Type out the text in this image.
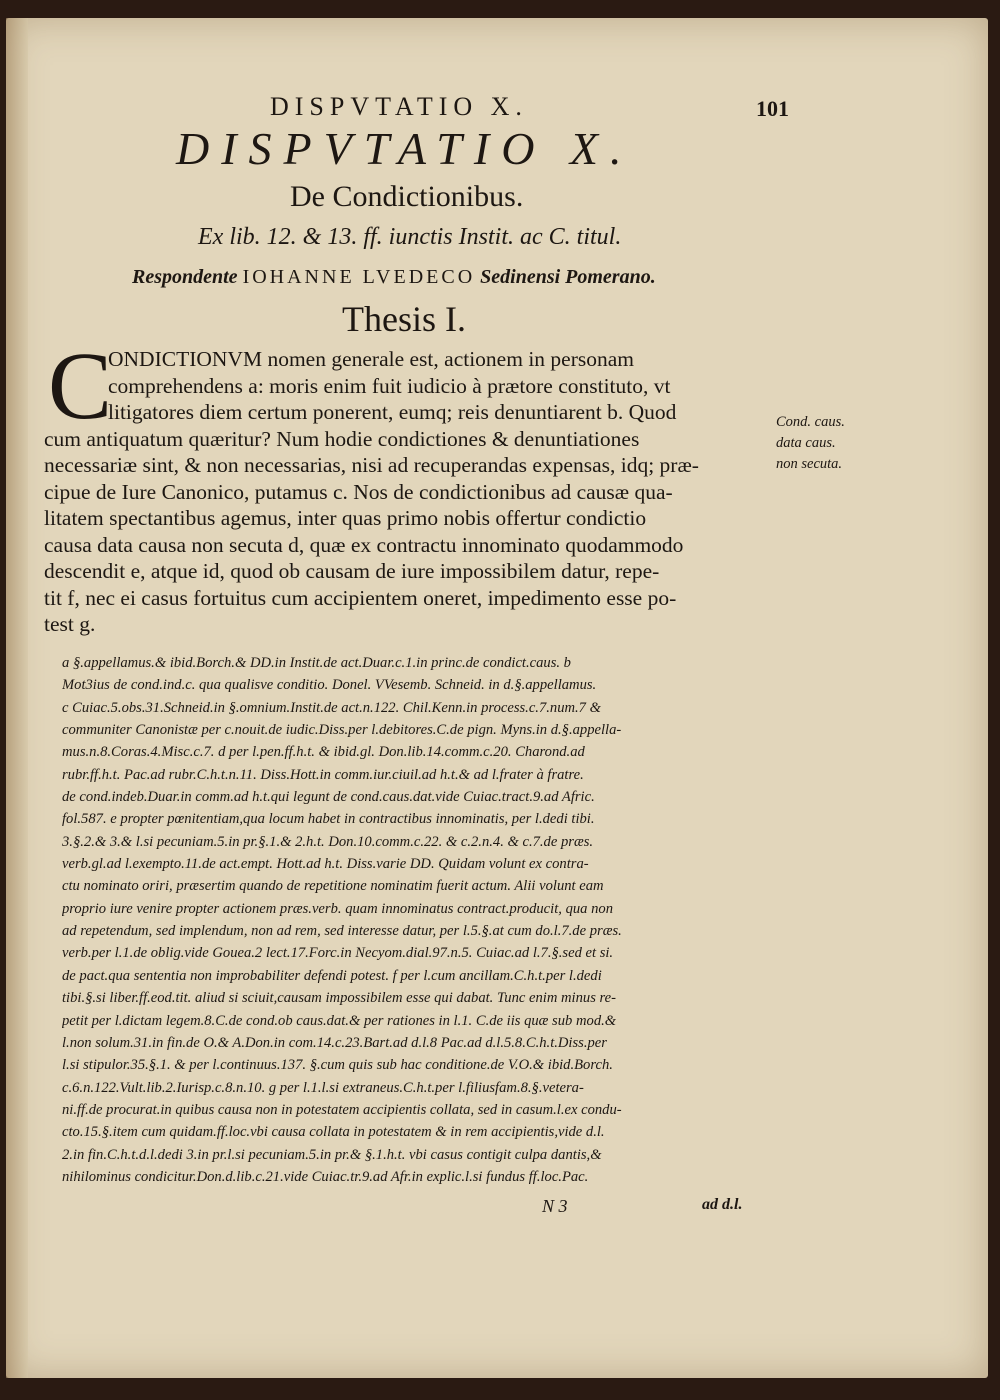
DISPVTATIO X.	101
DISPVTATIO X.
De Condictionibus.
Ex lib. 12. & 13. ff. iunctis Instit. ac C. titul.
Respondente IOHANNE LVEDECO Sedinensi Pomerano.
Thesis I.
C
ONDICTIONVM nomen generale est, actionem in personam
comprehendens a: moris enim fuit iudicio à prætore constituto, vt
litigatores diem certum ponerent, eumq; reis denuntiarent b. Quod
cum antiquatum quæritur? Num hodie condictiones & denuntiationes
necessariæ sint, & non necessarias, nisi ad recuperandas expensas, idq; præ-
cipue de Iure Canonico, putamus c. Nos de condictionibus ad causæ qua-
litatem spectantibus agemus, inter quas primo nobis offertur condictio
causa data causa non secuta d, quæ ex contractu innominato quodammodo
descendit e, atque id, quod ob causam de iure impossibilem datur, repe-
tit f, nec ei casus fortuitus cum accipientem oneret, impedimento esse po-
test g.
Cond. caus.
data caus.
non secuta.
a §.appellamus.& ibid.Borch.& DD.in Instit.de act.Duar.c.1.in princ.de condict.caus. b
Mot3ius de cond.ind.c. qua qualisve conditio. Donel. VVesemb. Schneid. in d.§.appellamus.
c Cuiac.5.obs.31.Schneid.in §.omnium.Instit.de act.n.122. Chil.Kenn.in process.c.7.num.7 &
communiter Canonistæ per c.nouit.de iudic.Diss.per l.debitores.C.de pign. Myns.in d.§.appella-
mus.n.8.Coras.4.Misc.c.7. d per l.pen.ff.h.t. & ibid.gl. Don.lib.14.comm.c.20. Charond.ad
rubr.ff.h.t. Pac.ad rubr.C.h.t.n.11. Diss.Hott.in comm.iur.ciuil.ad h.t.& ad l.frater à fratre.
de cond.indeb.Duar.in comm.ad h.t.qui legunt de cond.caus.dat.vide Cuiac.tract.9.ad Afric.
fol.587. e propter pœnitentiam,qua locum habet in contractibus innominatis, per l.dedi tibi.
3.§.2.& 3.& l.si pecuniam.5.in pr.§.1.& 2.h.t. Don.10.comm.c.22. & c.2.n.4. & c.7.de præs.
verb.gl.ad l.exempto.11.de act.empt. Hott.ad h.t. Diss.varie DD. Quidam volunt ex contra-
ctu nominato oriri, præsertim quando de repetitione nominatim fuerit actum. Alii volunt eam
proprio iure venire propter actionem præs.verb. quam innominatus contract.producit, qua non
ad repetendum, sed implendum, non ad rem, sed interesse datur, per l.5.§.at cum do.l.7.de præs.
verb.per l.1.de oblig.vide Gouea.2 lect.17.Forc.in Necyom.dial.97.n.5. Cuiac.ad l.7.§.sed et si.
de pact.qua sententia non improbabiliter defendi potest. f per l.cum ancillam.C.h.t.per l.dedi
tibi.§.si liber.ff.eod.tit. aliud si sciuit,causam impossibilem esse qui dabat. Tunc enim minus re-
petit per l.dictam legem.8.C.de cond.ob caus.dat.& per rationes in l.1. C.de iis quæ sub mod.&
l.non solum.31.in fin.de O.& A.Don.in com.14.c.23.Bart.ad d.l.8 Pac.ad d.l.5.8.C.h.t.Diss.per
l.si stipulor.35.§.1. & per l.continuus.137. §.cum quis sub hac conditione.de V.O.& ibid.Borch.
c.6.n.122.Vult.lib.2.Iurisp.c.8.n.10. g per l.1.l.si extraneus.C.h.t.per l.filiusfam.8.§.vetera-
ni.ff.de procurat.in quibus causa non in potestatem accipientis collata, sed in casum.l.ex condu-
cto.15.§.item cum quidam.ff.loc.vbi causa collata in potestatem & in rem accipientis,vide d.l.
2.in fin.C.h.t.d.l.dedi 3.in pr.l.si pecuniam.5.in pr.& §.1.h.t. vbi casus contigit culpa dantis,&
nihilominus condicitur.Don.d.lib.c.21.vide Cuiac.tr.9.ad Afr.in explic.l.si fundus ff.loc.Pac.
N 3	ad d.l.
